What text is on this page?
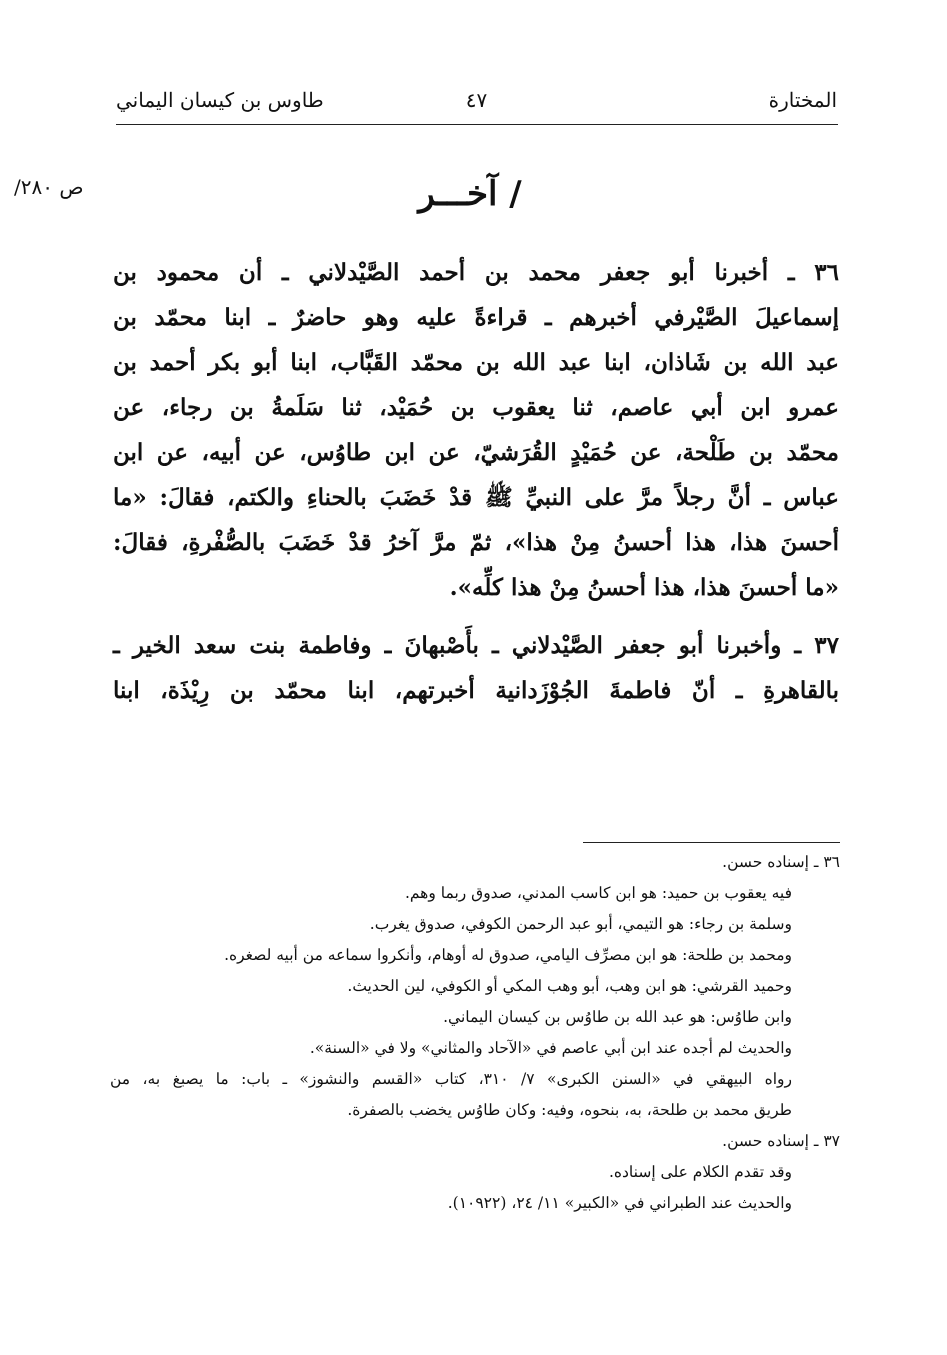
المختارة
٤٧
طاوس بن كيسان اليماني
ص ٢٨٠/	/ آخـــر
٣٦ ـ أخبرنا أبو جعفر محمد بن أحمد الصَّيْدلاني ـ أن محمود بن
إسماعيلَ الصَّيْرفي أخبرهم ـ قراءةً عليه وهو حاضرٌ ـ ابنا محمّد بن
عبد الله بن شَاذان، ابنا عبد الله بن محمّد القَبَّاب، ابنا أبو بكر أحمد بن
عمرو ابن أبي عاصم، ثنا يعقوب بن حُمَيْد، ثنا سَلَمةُ بن رجاء، عن
محمّد بن طَلْحة، عن حُمَيْدٍ القُرَشيّ، عن ابن طاوُس، عن أبيه، عن ابن
عباس ـ أنَّ رجلاً مرَّ على النبيِّ ﷺ قدْ خَضَبَ بالحناءِ والكتم، فقالَ: «ما
أحسنَ هذا، هذا أحسنُ مِنْ هذا»، ثمّ مرَّ آخرُ قدْ خَضَبَ بالصُّفْرةِ، فقالَ:
«ما أحسنَ هذا، هذا أحسنُ مِنْ هذا كلِّه».
٣٧ ـ وأخبرنا أبو جعفر الصَّيْدلاني ـ بأَصْبهانَ ـ وفاطمة بنت سعد الخير ـ
بالقاهرةِ ـ أنّ فاطمةَ الجُوْزَدانية أخبرتهم، ابنا محمّد بن رِيْذَة، ابنا
٣٦ ـ إسناده حسن.
فيه يعقوب بن حميد: هو ابن كاسب المدني، صدوق ربما وهم.
وسلمة بن رجاء: هو التيمي، أبو عبد الرحمن الكوفي، صدوق يغرب.
ومحمد بن طلحة: هو ابن مصرِّف اليامي، صدوق له أوهام، وأنكروا سماعه من أبيه لصغره.
وحميد القرشي: هو ابن وهب، أبو وهب المكي أو الكوفي، لين الحديث.
وابن طاوُس: هو عبد الله بن طاوُس بن كيسان اليماني.
والحديث لم أجده عند ابن أبي عاصم في «الآحاد والمثاني» ولا في «السنة».
رواه البيهقي في «السنن الكبرى» ٧/ ٣١٠، كتاب «القسم والنشوز» ـ باب: ما يصبغ به، من
طريق محمد بن طلحة، به، بنحوه، وفيه: وكان طاوُس يخضب بالصفرة.
٣٧ ـ إسناده حسن.
وقد تقدم الكلام على إسناده.
والحديث عند الطبراني في «الكبير» ١١/ ٢٤، (١٠٩٢٢).
